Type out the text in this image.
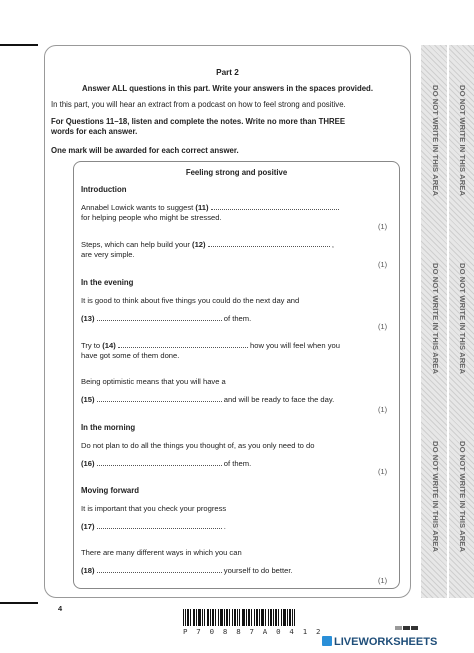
DO NOT WRITE IN THIS AREA
DO NOT WRITE IN THIS AREA
DO NOT WRITE IN THIS AREA
DO NOT WRITE IN THIS AREA
DO NOT WRITE IN THIS AREA
DO NOT WRITE IN THIS AREA
Part 2
Answer ALL questions in this part. Write your answers in the spaces provided.
In this part, you will hear an extract from a podcast on how to feel strong and positive.
For Questions 11–18, listen and complete the notes. Write no more than THREE
words for each answer.
One mark will be awarded for each correct answer.
Feeling strong and positive
Introduction
Annabel Lowick wants to suggest (11)
for helping people who might be stressed.
(1)
Steps, which can help build your (12)	,
are very simple.
(1)
In the evening
It is good to think about five things you could do the next day and
(13)	of them.
(1)
Try to (14)	how you will feel when you
have got some of them done.
Being optimistic means that you will have a
(15)	and will be ready to face the day.
(1)
In the morning
Do not plan to do all the things you thought of, as you only need to do
(16)	of them.
(1)
Moving forward
It is important that you check your progress
(17)	.
There are many different ways in which you can
(18)	yourself to do better.
(1)
4
P 7 0 8 8 7 A 0 4 1 2
LIVEWORKSHEETS
